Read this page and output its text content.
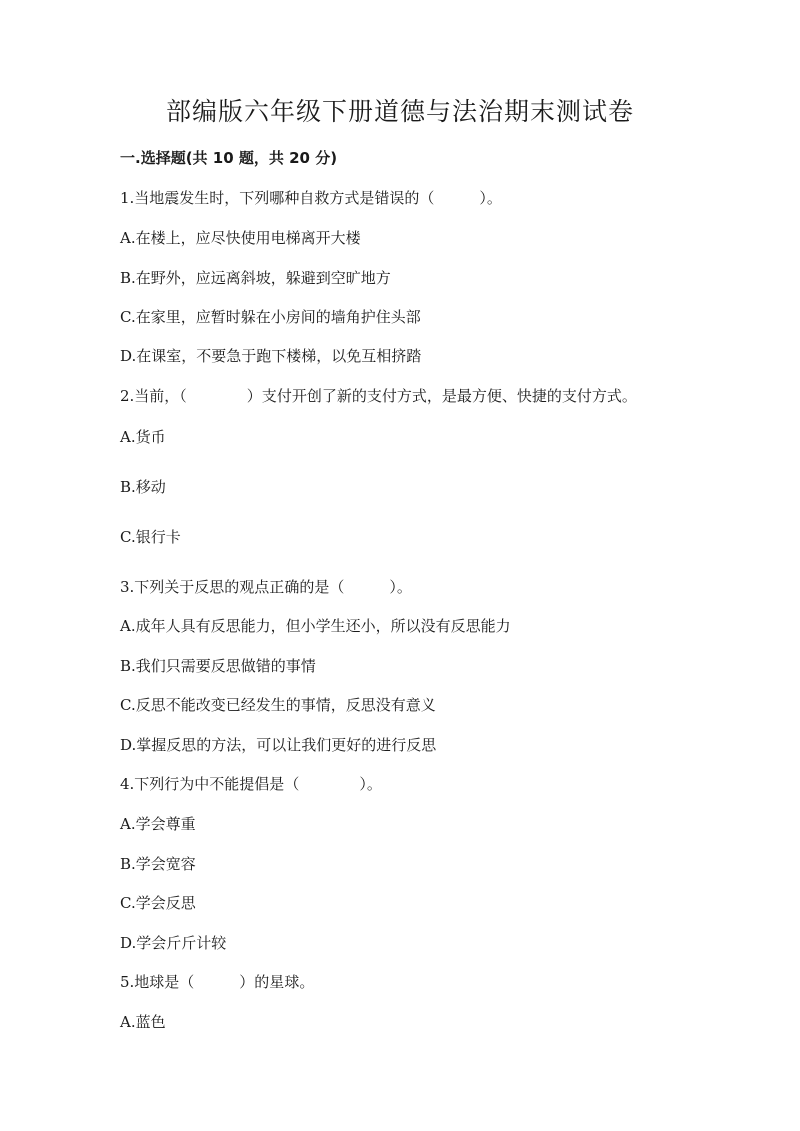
部编版六年级下册道德与法治期末测试卷

一.选择题(共 10 题，共 20 分)

1.当地震发生时，下列哪种自救方式是错误的（　　　）。

A.在楼上，应尽快使用电梯离开大楼

B.在野外，应远离斜坡，躲避到空旷地方

C.在家里，应暂时躲在小房间的墙角护住头部

D.在课室，不要急于跑下楼梯，以免互相挤踏

2.当前，（　　　　）支付开创了新的支付方式，是最方便、快捷的支付方式。

A.货币

B.移动

C.银行卡

3.下列关于反思的观点正确的是（　　　）。

A.成年人具有反思能力，但小学生还小，所以没有反思能力

B.我们只需要反思做错的事情

C.反思不能改变已经发生的事情，反思没有意义

D.掌握反思的方法，可以让我们更好的进行反思

4.下列行为中不能提倡是（　　　　）。

A.学会尊重

B.学会宽容

C.学会反思

D.学会斤斤计较

5.地球是（　　　）的星球。

A.蓝色
